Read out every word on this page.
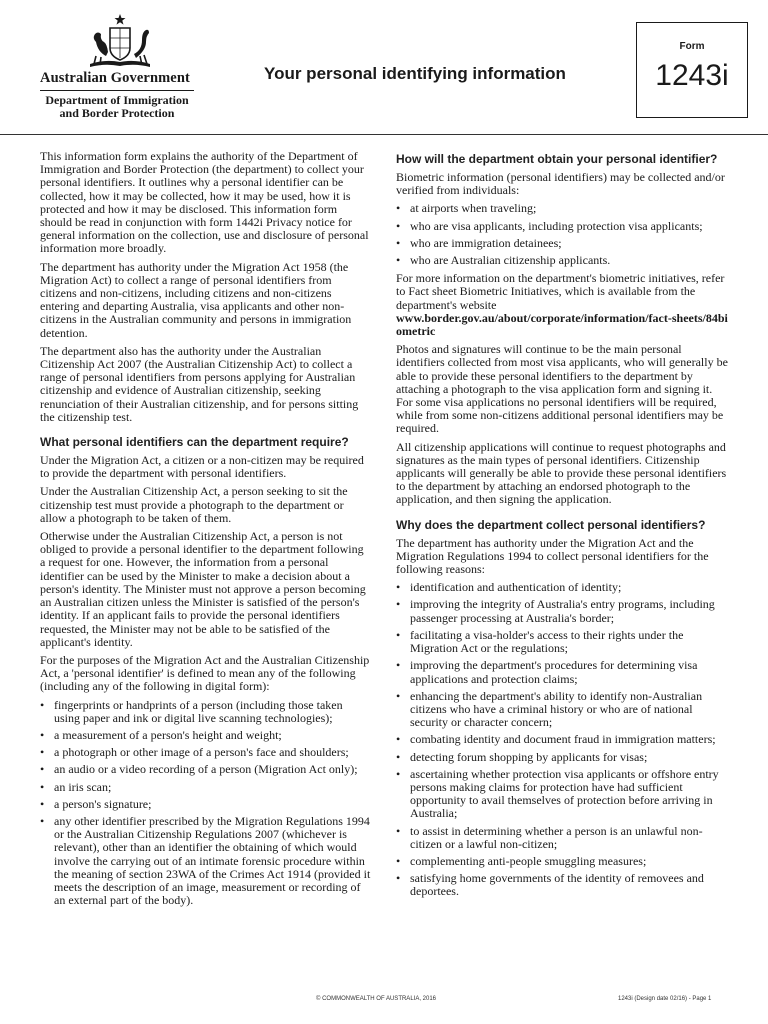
Australian Government
Department of Immigration
and Border Protection
Your personal identifying information
Form
1243i

This information form explains the authority of the Department of Immigration and Border Protection (the department) to collect your personal identifiers. It outlines why a personal identifier can be collected, how it may be collected, how it may be used, how it is protected and how it may be disclosed. This information form should be read in conjunction with form 1442i Privacy notice for general information on the collection, use and disclosure of personal information more broadly.

The department has authority under the Migration Act 1958 (the Migration Act) to collect a range of personal identifiers from citizens and non-citizens, including citizens and non-citizens entering and departing Australia, visa applicants and other non-citizens in the Australian community and persons in immigration detention.

The department also has the authority under the Australian Citizenship Act 2007 (the Australian Citizenship Act) to collect a range of personal identifiers from persons applying for Australian citizenship and evidence of Australian citizenship, seeking renunciation of their Australian citizenship, and for persons sitting the citizenship test.

What personal identifiers can the department require?

Under the Migration Act, a citizen or a non-citizen may be required to provide the department with personal identifiers.

Under the Australian Citizenship Act, a person seeking to sit the citizenship test must provide a photograph to the department or allow a photograph to be taken of them.

Otherwise under the Australian Citizenship Act, a person is not obliged to provide a personal identifier to the department following a request for one. However, the information from a personal identifier can be used by the Minister to make a decision about a person's identity. The Minister must not approve a person becoming an Australian citizen unless the Minister is satisfied of the person's identity. If an applicant fails to provide the personal identifiers requested, the Minister may not be able to be satisfied of the applicant's identity.

For the purposes of the Migration Act and the Australian Citizenship Act, a 'personal identifier' is defined to mean any of the following (including any of the following in digital form):

• fingerprints or handprints of a person (including those taken using paper and ink or digital live scanning technologies);
• a measurement of a person's height and weight;
• a photograph or other image of a person's face and shoulders;
• an audio or a video recording of a person (Migration Act only);
• an iris scan;
• a person's signature;
• any other identifier prescribed by the Migration Regulations 1994 or the Australian Citizenship Regulations 2007 (whichever is relevant), other than an identifier the obtaining of which would involve the carrying out of an intimate forensic procedure within the meaning of section 23WA of the Crimes Act 1914 (provided it meets the description of an image, measurement or recording of an external part of the body).
How will the department obtain your personal identifier?

Biometric information (personal identifiers) may be collected and/or verified from individuals:

• at airports when traveling;
• who are visa applicants, including protection visa applicants;
• who are immigration detainees;
• who are Australian citizenship applicants.

For more information on the department's biometric initiatives, refer to Fact sheet Biometric Initiatives, which is available from the department's website

www.border.gov.au/about/corporate/information/fact-sheets/84biometric

Photos and signatures will continue to be the main personal identifiers collected from most visa applicants, who will generally be able to provide these personal identifiers to the department by attaching a photograph to the visa application form and signing it. For some visa applications no personal identifiers will be required, while from some non-citizens additional personal identifiers may be required.

All citizenship applications will continue to request photographs and signatures as the main types of personal identifiers. Citizenship applicants will generally be able to provide these personal identifiers to the department by attaching an endorsed photograph to the application, and then signing the application.

Why does the department collect personal identifiers?

The department has authority under the Migration Act and the Migration Regulations 1994 to collect personal identifiers for the following reasons:

• identification and authentication of identity;
• improving the integrity of Australia's entry programs, including passenger processing at Australia's border;
• facilitating a visa-holder's access to their rights under the Migration Act or the regulations;
• improving the department's procedures for determining visa applications and protection claims;
• enhancing the department's ability to identify non-Australian citizens who have a criminal history or who are of national security or character concern;
• combating identity and document fraud in immigration matters;
• detecting forum shopping by applicants for visas;
• ascertaining whether protection visa applicants or offshore entry persons making claims for protection have had sufficient opportunity to avail themselves of protection before arriving in Australia;
• to assist in determining whether a person is an unlawful non-citizen or a lawful non-citizen;
• complementing anti-people smuggling measures;
• satisfying home governments of the identity of removees and deportees.
© COMMONWEALTH OF AUSTRALIA, 2016	1243i (Design date 02/16) - Page 1
